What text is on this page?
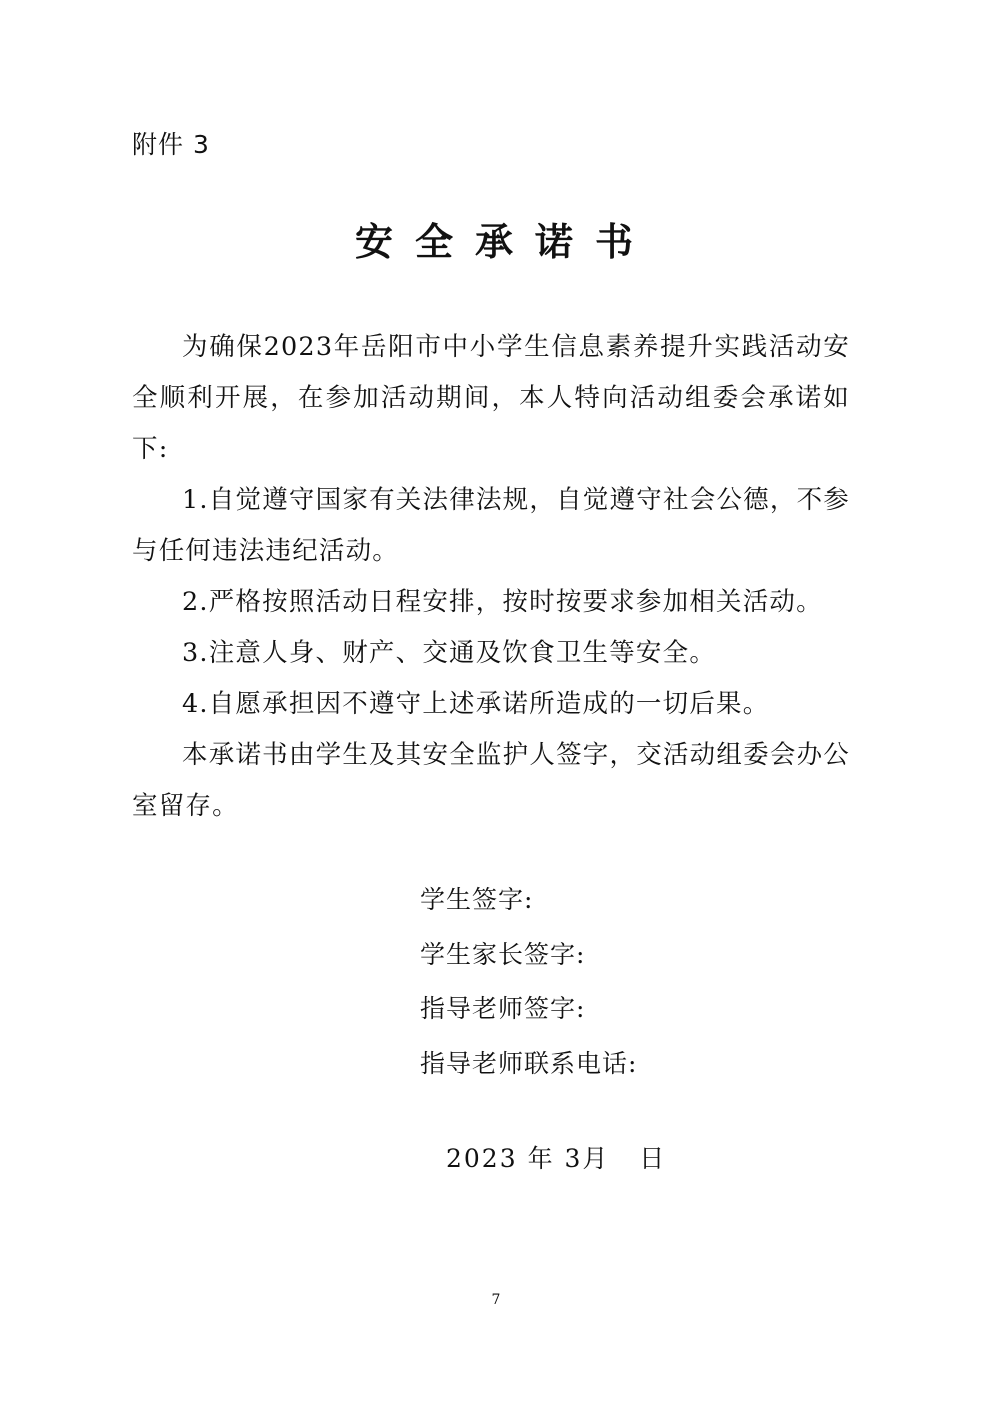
附件 3
安全承诺书

为确保2023年岳阳市中小学生信息素养提升实践活动安全顺利开展，在参加活动期间，本人特向活动组委会承诺如下:

1.自觉遵守国家有关法律法规，自觉遵守社会公德，不参与任何违法违纪活动。

2.严格按照活动日程安排，按时按要求参加相关活动。

3.注意人身、财产、交通及饮食卫生等安全。

4.自愿承担因不遵守上述承诺所造成的一切后果。

本承诺书由学生及其安全监护人签字，交活动组委会办公室留存。

学生签字:
学生家长签字:
指导老师签字:
指导老师联系电话:
2023 年 3月   日
7
